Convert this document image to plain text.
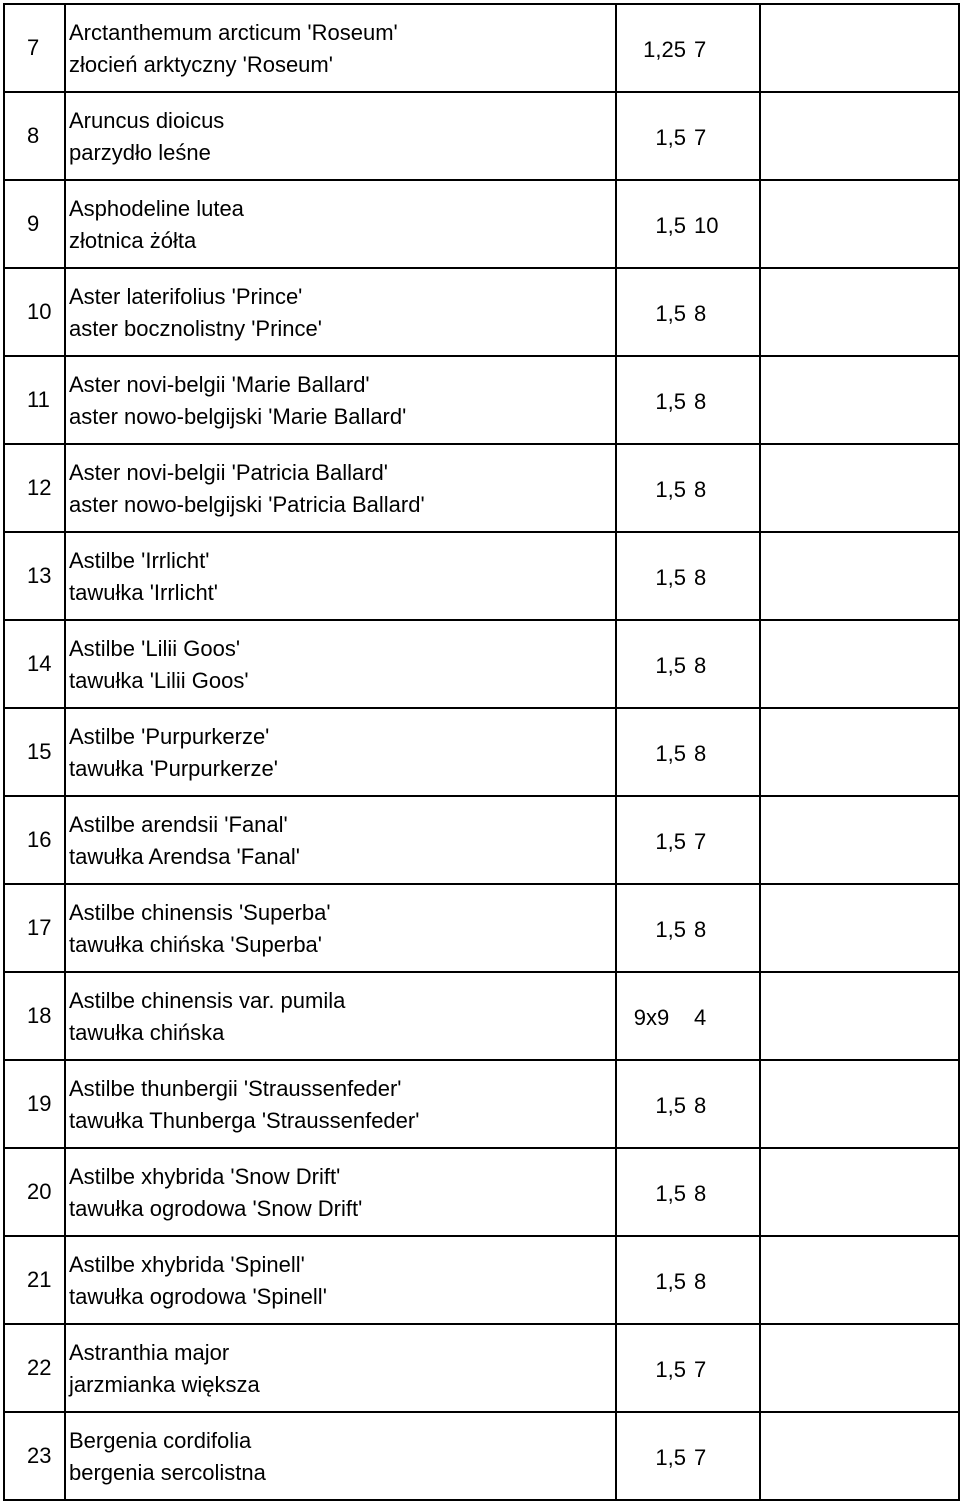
7	Arctanthemum arcticum 'Roseum'
złocień arktyczny 'Roseum'	1,25	7	
8	Aruncus dioicus
parzydło leśne	1,5	7	
9	Asphodeline lutea
złotnica żółta	1,5	10	
10	Aster laterifolius 'Prince'
aster bocznolistny 'Prince'	1,5	8	
11	Aster novi-belgii 'Marie Ballard'
aster nowo-belgijski 'Marie Ballard'	1,5	8	
12	Aster novi-belgii 'Patricia Ballard'
aster nowo-belgijski 'Patricia Ballard'	1,5	8	
13	Astilbe 'Irrlicht'
tawułka 'Irrlicht'	1,5	8	
14	Astilbe 'Lilii Goos'
tawułka 'Lilii Goos'	1,5	8	
15	Astilbe 'Purpurkerze'
tawułka 'Purpurkerze'	1,5	8	
16	Astilbe arendsii 'Fanal'
tawułka Arendsa 'Fanal'	1,5	7	
17	Astilbe chinensis 'Superba'
tawułka chińska 'Superba'	1,5	8	
18	Astilbe chinensis var. pumila
tawułka chińska	9x9	4	
19	Astilbe thunbergii 'Straussenfeder'
tawułka Thunberga 'Straussenfeder'	1,5	8	
20	Astilbe xhybrida 'Snow Drift'
tawułka ogrodowa 'Snow Drift'	1,5	8	
21	Astilbe xhybrida 'Spinell'
tawułka ogrodowa 'Spinell'	1,5	8	
22	Astranthia major
jarzmianka większa	1,5	7	
23	Bergenia cordifolia
bergenia sercolistna	1,5	7	
